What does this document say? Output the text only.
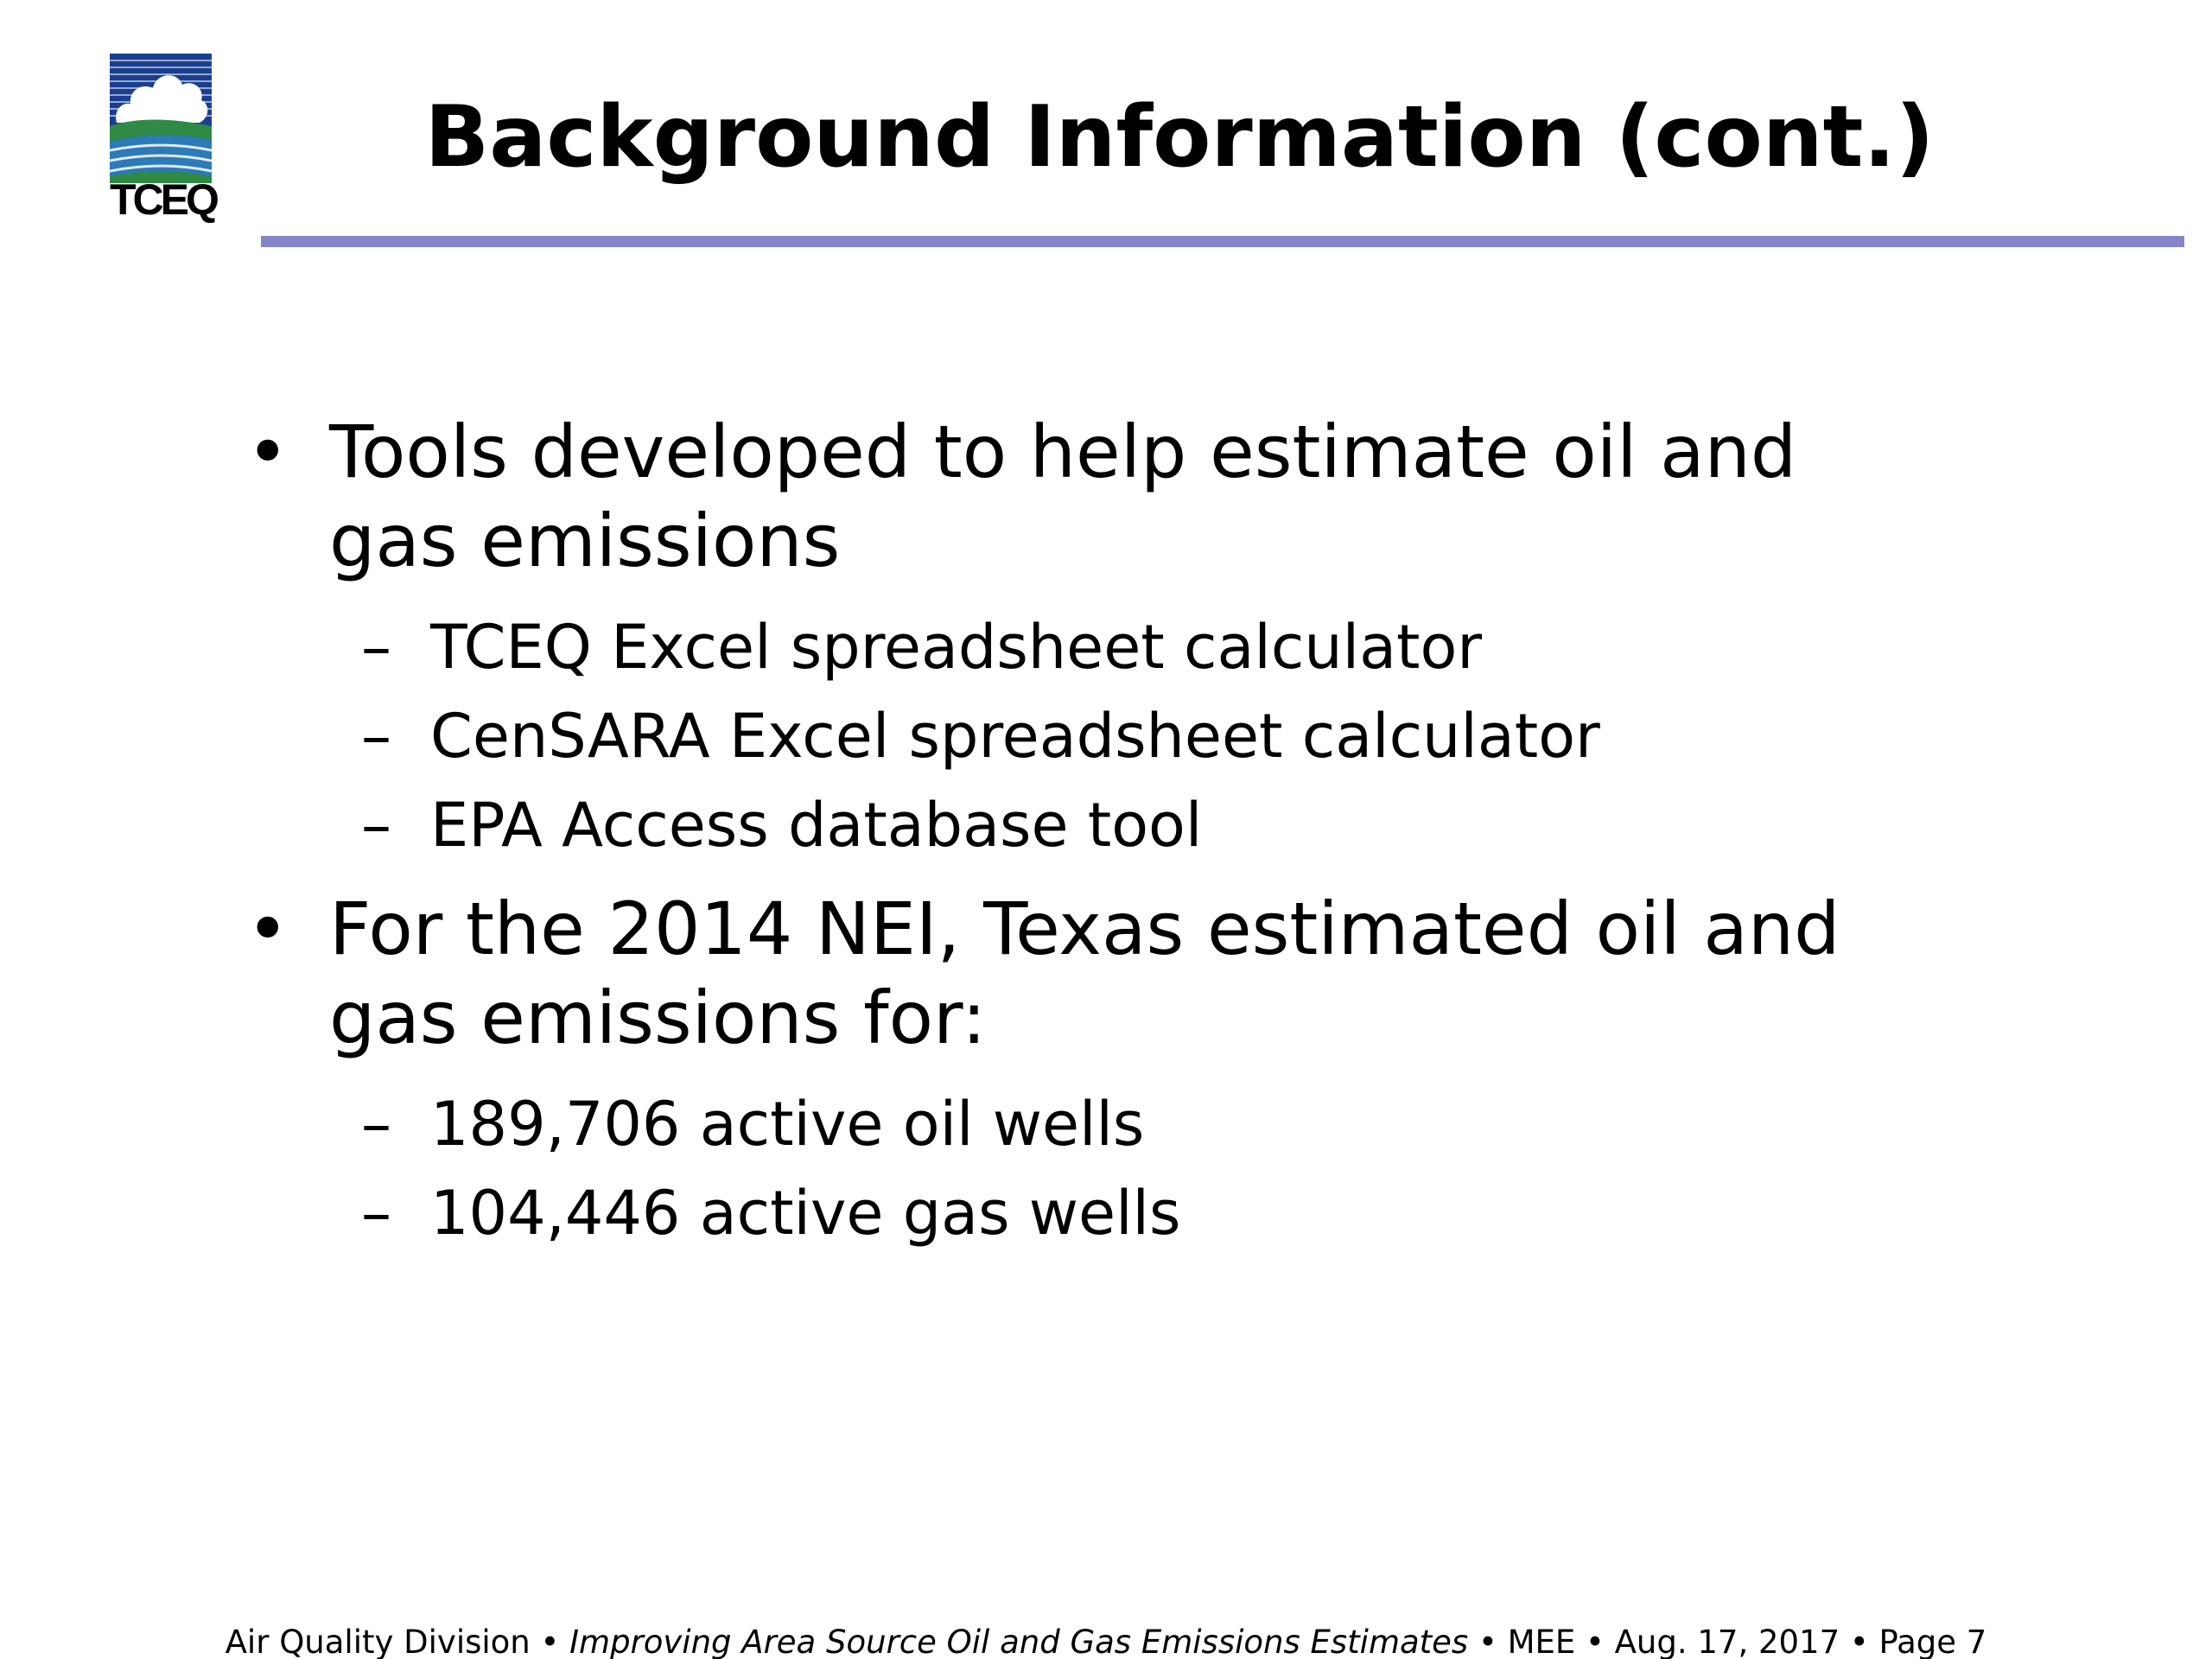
TCEQ
Background Information (cont.)
• Tools developed to help estimate oil and
gas emissions
– TCEQ Excel spreadsheet calculator
– CenSARA Excel spreadsheet calculator
– EPA Access database tool
• For the 2014 NEI, Texas estimated oil and
gas emissions for:
– 189,706 active oil wells
– 104,446 active gas wells
Air Quality Division • Improving Area Source Oil and Gas Emissions Estimates • MEE • Aug. 17, 2017 • Page 7
